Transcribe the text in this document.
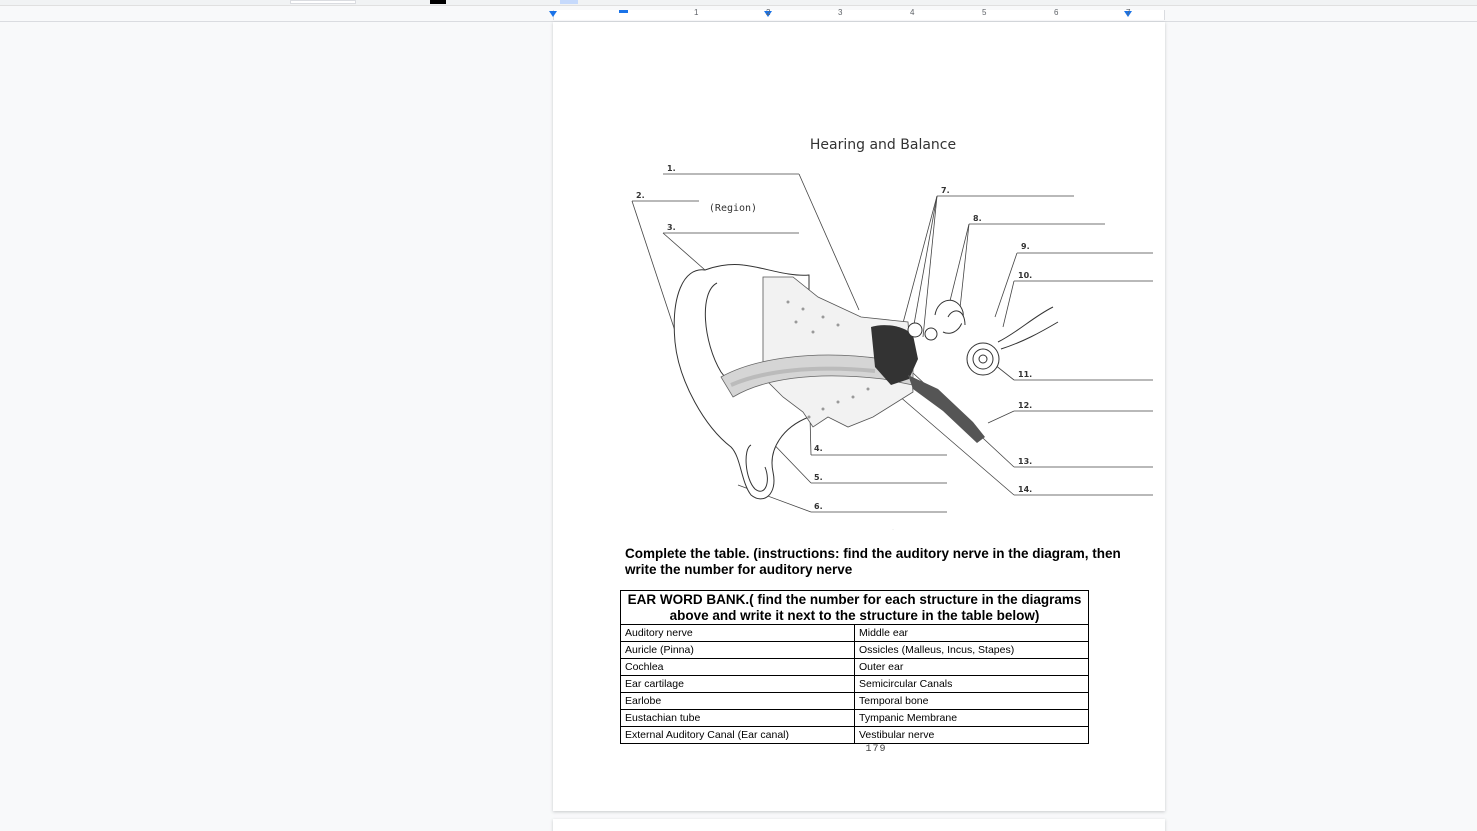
1	2	3	4	5	6	7
Hearing and Balance
(Region)
1.
2.
3.
4.
5.
6.
7.
8.
9.
10.
11.
12.
13.
14.
.
Complete the table. (instructions: find the auditory nerve in the diagram, then write the number for auditory nerve
EAR WORD BANK.( find the number for each structure in the diagrams above and write it next to the structure in the table below)	
Auditory nerve	Middle ear
Auricle (Pinna)	Ossicles (Malleus, Incus, Stapes)
Cochlea	Outer ear
Ear cartilage	Semicircular Canals
Earlobe	Temporal bone
Eustachian tube	Tympanic Membrane
External Auditory Canal (Ear canal)	Vestibular nerve
179
